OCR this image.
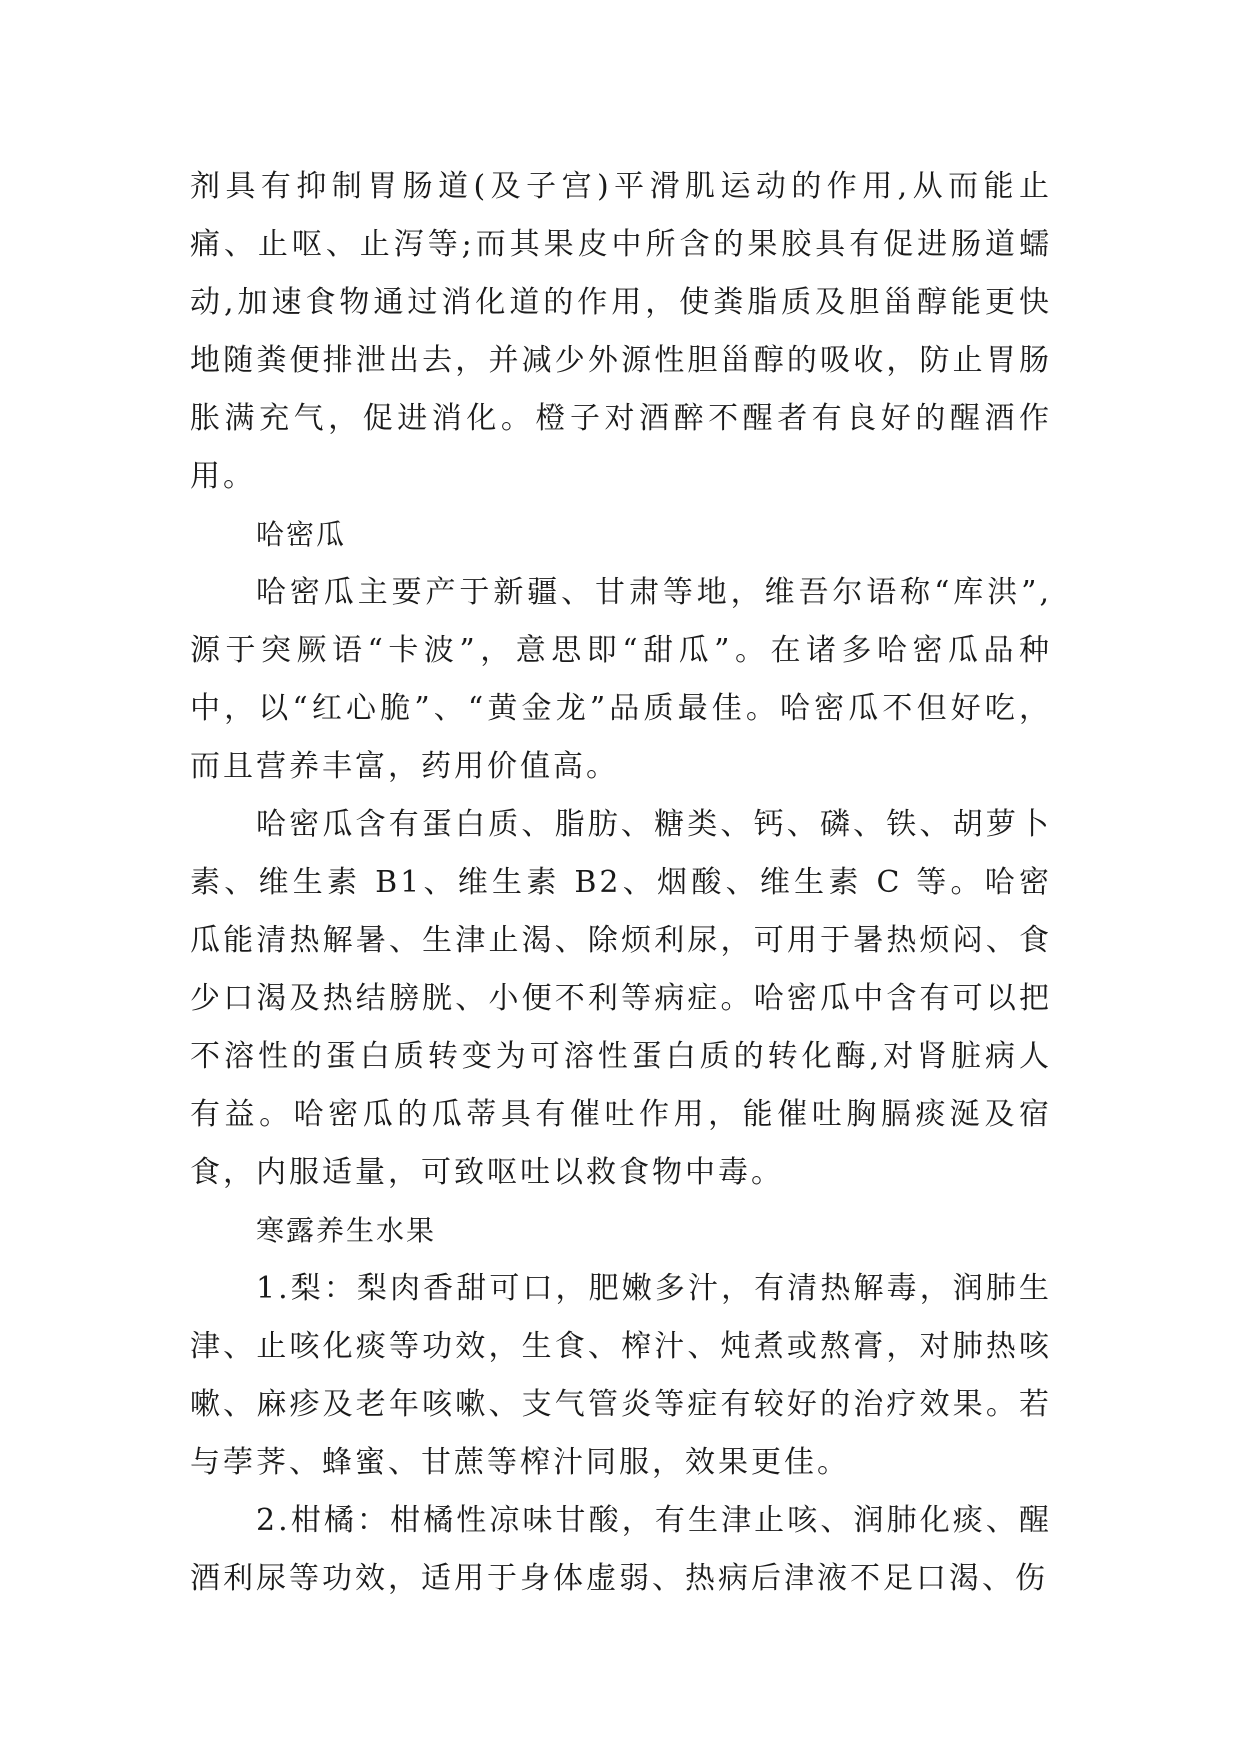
剂具有抑制胃肠道(及子宫)平滑肌运动的作用,从而能止痛、止呕、止泻等;而其果皮中所含的果胶具有促进肠道蠕动,加速食物通过消化道的作用，使粪脂质及胆甾醇能更快地随粪便排泄出去，并减少外源性胆甾醇的吸收，防止胃肠胀满充气，促进消化。橙子对酒醉不醒者有良好的醒酒作用。

哈密瓜

哈密瓜主要产于新疆、甘肃等地，维吾尔语称“库洪”,源于突厥语“卡波”，意思即“甜瓜”。在诸多哈密瓜品种中，以“红心脆”、“黄金龙”品质最佳。哈密瓜不但好吃，而且营养丰富，药用价值高。

哈密瓜含有蛋白质、脂肪、糖类、钙、磷、铁、胡萝卜素、维生素 B1、维生素 B2、烟酸、维生素 C 等。哈密瓜能清热解暑、生津止渴、除烦利尿，可用于暑热烦闷、食少口渴及热结膀胱、小便不利等病症。哈密瓜中含有可以把不溶性的蛋白质转变为可溶性蛋白质的转化酶,对肾脏病人有益。哈密瓜的瓜蒂具有催吐作用，能催吐胸膈痰涎及宿食，内服适量，可致呕吐以救食物中毒。

寒露养生水果

1.梨：梨肉香甜可口，肥嫩多汁，有清热解毒，润肺生津、止咳化痰等功效，生食、榨汁、炖煮或熬膏，对肺热咳嗽、麻疹及老年咳嗽、支气管炎等症有较好的治疗效果。若与荸荠、蜂蜜、甘蔗等榨汁同服，效果更佳。

2.柑橘：柑橘性凉味甘酸，有生津止咳、润肺化痰、醒酒利尿等功效，适用于身体虚弱、热病后津液不足口渴、伤
